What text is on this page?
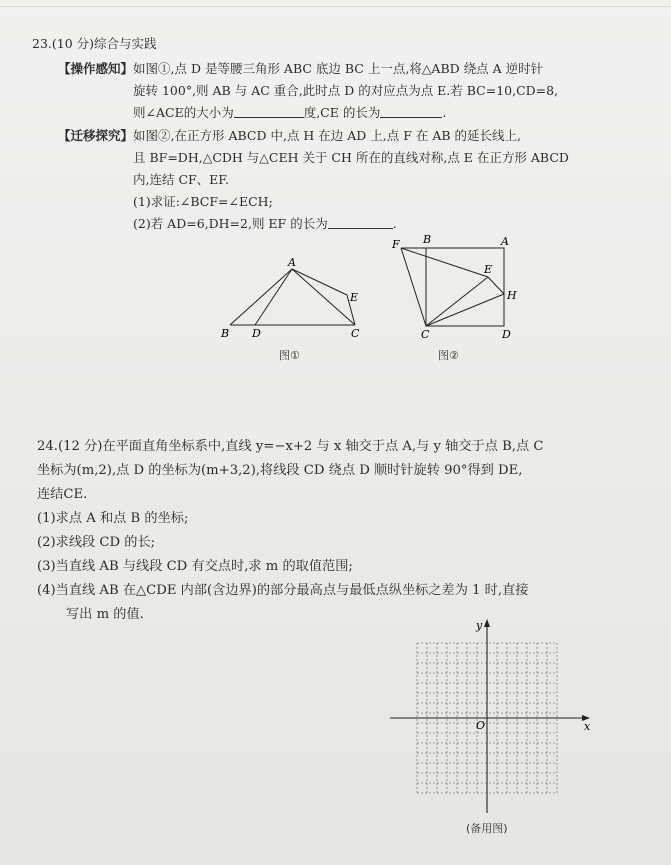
23.(10 分)综合与实践
【操作感知】如图①,点 D 是等腰三角形 ABC 底边 BC 上一点,将△ABD 绕点 A 逆时针
旋转 100°,则 AB 与 AC 重合,此时点 D 的对应点为点 E.若 BC=10,CD=8,
则∠ACE的大小为	度,CE 的长为	.
【迁移探究】如图②,在正方形 ABCD 中,点 H 在边 AD 上,点 F 在 AB 的延长线上,
且 BF=DH,△CDH 与△CEH 关于 CH 所在的直线对称,点 E 在正方形 ABCD
内,连结 CF、EF.
(1)求证:∠BCF=∠ECH;
(2)若 AD=6,DH=2,则 EF 的长为	.
A
B D	C
E
图①
F B	A
E
H
C	D
图②
24.(12 分)在平面直角坐标系中,直线 y=−x+2 与 x 轴交于点 A,与 y 轴交于点 B,点 C
坐标为(m,2),点 D 的坐标为(m+3,2),将线段 CD 绕点 D 顺时针旋转 90°得到 DE,
连结CE.
(1)求点 A 和点 B 的坐标;
(2)求线段 CD 的长;
(3)当直线 AB 与线段 CD 有交点时,求 m 的取值范围;
(4)当直线 AB 在△CDE 内部(含边界)的部分最高点与最低点纵坐标之差为 1 时,直接
写出 m 的值.
x
y
O
(备用图)
